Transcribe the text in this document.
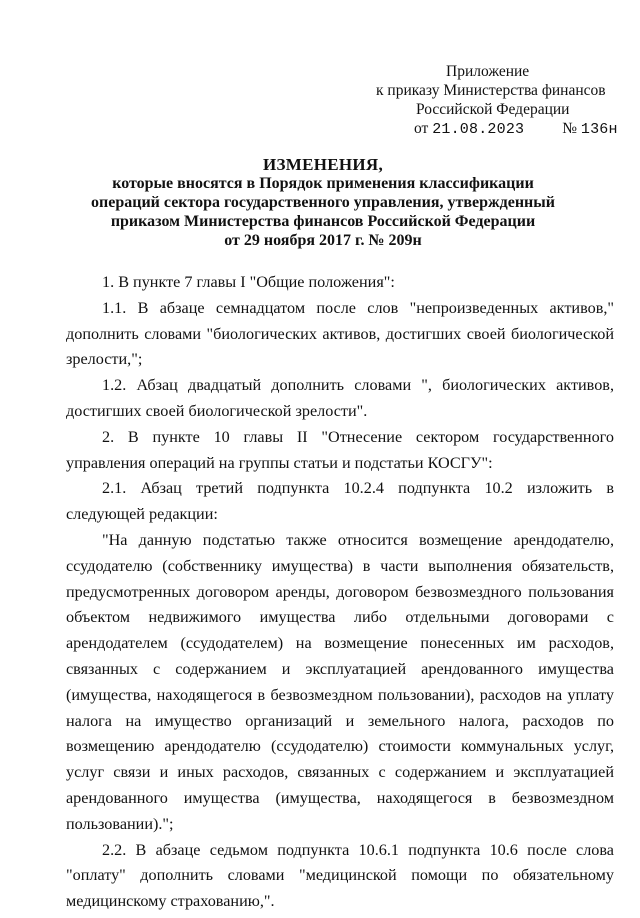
Приложение
к приказу Министерства финансов
Российской Федерации
от 21.08.2023 № 136н
ИЗМЕНЕНИЯ,
которые вносятся в Порядок применения классификации
операций сектора государственного управления, утвержденный
приказом Министерства финансов Российской Федерации
от 29 ноября 2017 г. № 209н

1. В пункте 7 главы I "Общие положения":

1.1. В абзаце семнадцатом после слов "непроизведенных активов," дополнить словами "биологических активов, достигших своей биологической зрелости,";

1.2. Абзац двадцатый дополнить словами ", биологических активов, достигших своей биологической зрелости".

2. В пункте 10 главы II "Отнесение сектором государственного управления операций на группы статьи и подстатьи КОСГУ":

2.1. Абзац третий подпункта 10.2.4 подпункта 10.2 изложить в следующей редакции:

"На данную подстатью также относится возмещение арендодателю, ссудодателю (собственнику имущества) в части выполнения обязательств, предусмотренных договором аренды, договором безвозмездного пользования объектом недвижимого имущества либо отдельными договорами с арендодателем (ссудодателем) на возмещение понесенных им расходов, связанных с содержанием и эксплуатацией арендованного имущества (имущества, находящегося в безвозмездном пользовании), расходов на уплату налога на имущество организаций и земельного налога, расходов по возмещению арендодателю (ссудодателю) стоимости коммунальных услуг, услуг связи и иных расходов, связанных с содержанием и эксплуатацией арендованного имущества (имущества, находящегося в безвозмездном пользовании).";

2.2. В абзаце седьмом подпункта 10.6.1 подпункта 10.6 после слова "оплату" дополнить словами "медицинской помощи по обязательному медицинскому страхованию,".
